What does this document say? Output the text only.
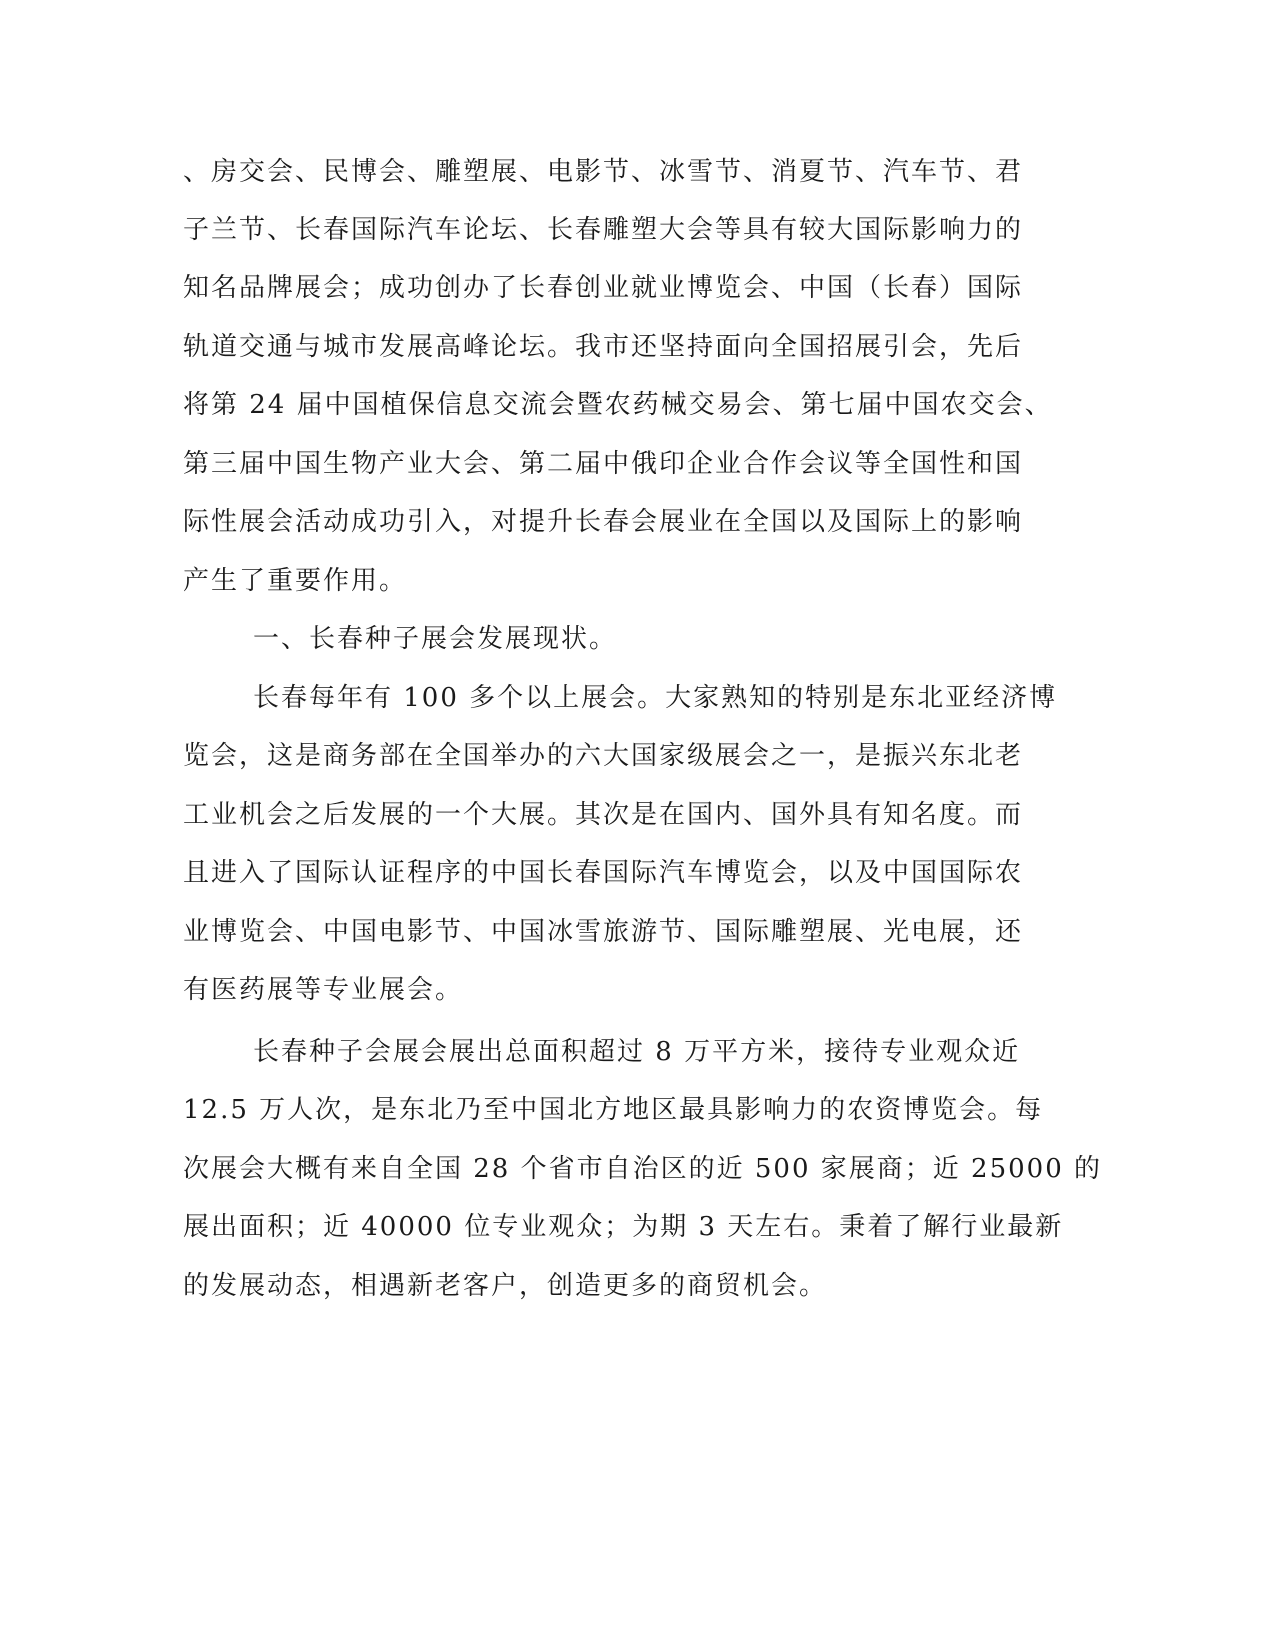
、房交会、民博会、雕塑展、电影节、冰雪节、消夏节、汽车节、君
子兰节、长春国际汽车论坛、长春雕塑大会等具有较大国际影响力的
知名品牌展会；成功创办了长春创业就业博览会、中国（长春）国际
轨道交通与城市发展高峰论坛。我市还坚持面向全国招展引会，先后
将第 24 届中国植保信息交流会暨农药械交易会、第七届中国农交会、
第三届中国生物产业大会、第二届中俄印企业合作会议等全国性和国
际性展会活动成功引入，对提升长春会展业在全国以及国际上的影响
产生了重要作用。
一、长春种子展会发展现状。
长春每年有 100 多个以上展会。大家熟知的特别是东北亚经济博
览会，这是商务部在全国举办的六大国家级展会之一，是振兴东北老
工业机会之后发展的一个大展。其次是在国内、国外具有知名度。而
且进入了国际认证程序的中国长春国际汽车博览会，以及中国国际农
业博览会、中国电影节、中国冰雪旅游节、国际雕塑展、光电展，还
有医药展等专业展会。
长春种子会展会展出总面积超过 8 万平方米，接待专业观众近
12.5 万人次，是东北乃至中国北方地区最具影响力的农资博览会。每
次展会大概有来自全国 28 个省市自治区的近 500 家展商；近 25000 的
展出面积；近 40000 位专业观众；为期 3 天左右。秉着了解行业最新
的发展动态，相遇新老客户，创造更多的商贸机会。
